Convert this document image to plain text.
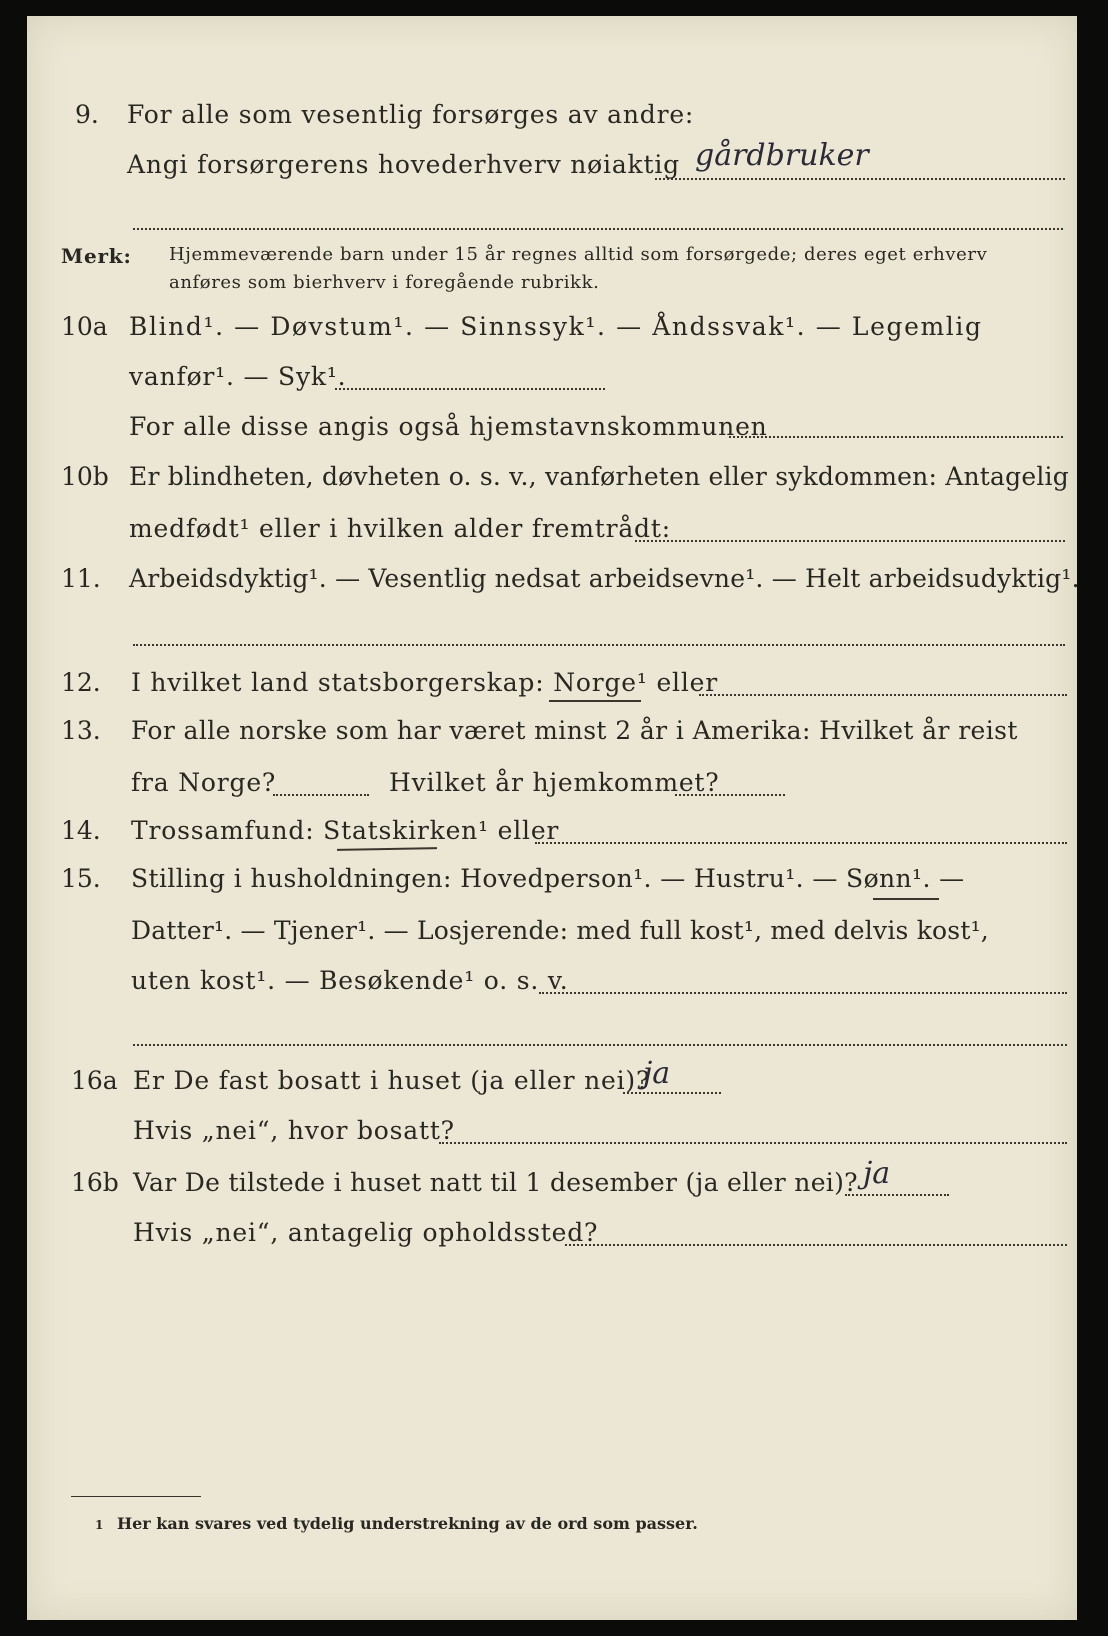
9. For alle som vesentlig forsørges av andre:
Angi forsørgerens hovederhverv nøiaktig gårdbruker
Merk: Hjemmeværende barn under 15 år regnes alltid som forsørgede; deres eget erhverv
anføres som bierhverv i foregående rubrikk.
10a Blind¹. — Døvstum¹. — Sinnssyk¹. — Åndssvak¹. — Legemlig
vanfør¹. — Syk¹.
For alle disse angis også hjemstavnskommunen
10b Er blindheten, døvheten o. s. v., vanførheten eller sykdommen: Antagelig
medfødt¹ eller i hvilken alder fremtrådt:
11. Arbeidsdyktig¹. — Vesentlig nedsat arbeidsevne¹. — Helt arbeidsudyktig¹.
12. I hvilket land statsborgerskap: Norge¹ eller
13. For alle norske som har været minst 2 år i Amerika: Hvilket år reist
fra Norge?	Hvilket år hjemkommet?
14. Trossamfund: Statskirken¹ eller
15. Stilling i husholdningen: Hovedperson¹. — Hustru¹. — Sønn¹. —
Datter¹. — Tjener¹. — Losjerende: med full kost¹, med delvis kost¹,
uten kost¹. — Besøkende¹ o. s. v.
16a Er De fast bosatt i huset (ja eller nei)?
ja
Hvis „nei“, hvor bosatt?
16b Var De tilstede i huset natt til 1 desember (ja eller nei)? ja
Hvis „nei“, antagelig opholdssted?
1 Her kan svares ved tydelig understrekning av de ord som passer.
